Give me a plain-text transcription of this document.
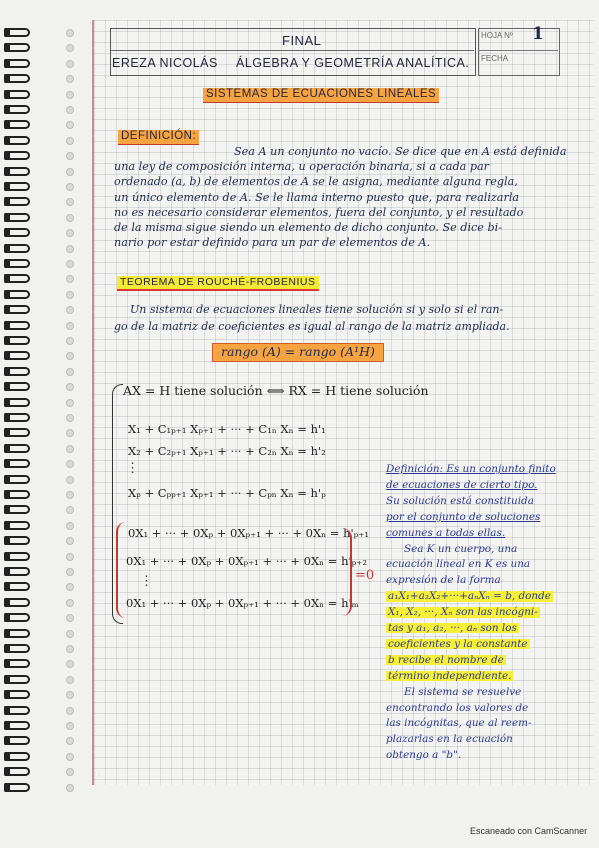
HOJA Nº 1
FECHA
FINAL
EREZA NICOLÁS ÁLGEBRA Y GEOMETRÍA ANALÍTICA.
SISTEMAS DE ECUACIONES LINEALES
DEFINICIÓN:
Sea A un conjunto no vacío. Se dice que en A está definida
una ley de composición interna, u operación binaria, si a cada par
ordenado (a, b) de elementos de A se le asigna, mediante alguna regla,
un único elemento de A. Se le llama interno puesto que, para realizarla
no es necesario considerar elementos, fuera del conjunto, y el resultado
de la misma sigue siendo un elemento de dicho conjunto. Se dice bi-
nario por estar definido para un par de elementos de A.
TEOREMA DE ROUCHÉ-FROBENIUS
Un sistema de ecuaciones lineales tiene solución si y solo si el ran-
go de la matriz de coeficientes es igual al rango de la matriz ampliada.
rango (A) = rango (A¹H)
AX = H tiene solución ⟺ RX = H tiene solución
X₁ + C₁ₚ₊₁ Xₚ₊₁ + ··· + C₁ₙ Xₙ = h'₁
X₂ + C₂ₚ₊₁ Xₚ₊₁ + ··· + C₂ₙ Xₙ = h'₂
Xₚ + Cₚₚ₊₁ Xₚ₊₁ + ··· + Cₚₙ Xₙ = h'ₚ
0X₁ + ··· + 0Xₚ + 0Xₚ₊₁ + ··· + 0Xₙ = h'ₚ₊₁
0X₁ + ··· + 0Xₚ + 0Xₚ₊₁ + ··· + 0Xₙ = h'ₚ₊₂
0X₁ + ··· + 0Xₚ + 0Xₚ₊₁ + ··· + 0Xₙ = h'ₘ
⋮
⋮	=0
Definición: Es un conjunto finito
de ecuaciones de cierto tipo.
Su solución está constituida
por el conjunto de soluciones
comunes a todas ellas.
Sea K un cuerpo, una
ecuación lineal en K es una
expresión de la forma
a₁X₁+a₂X₂+···+aₙXₙ = b, donde
X₁, X₂, ···, Xₙ son las incógni-
tas y a₁, a₂, ···, aₙ son los
coeficientes y la constante
b recibe el nombre de
término independiente.
El sistema se resuelve
encontrando los valores de
las incógnitas, que al reem-
plazarlas en la ecuación
obtengo a "b".
·
Escaneado con CamScanner
